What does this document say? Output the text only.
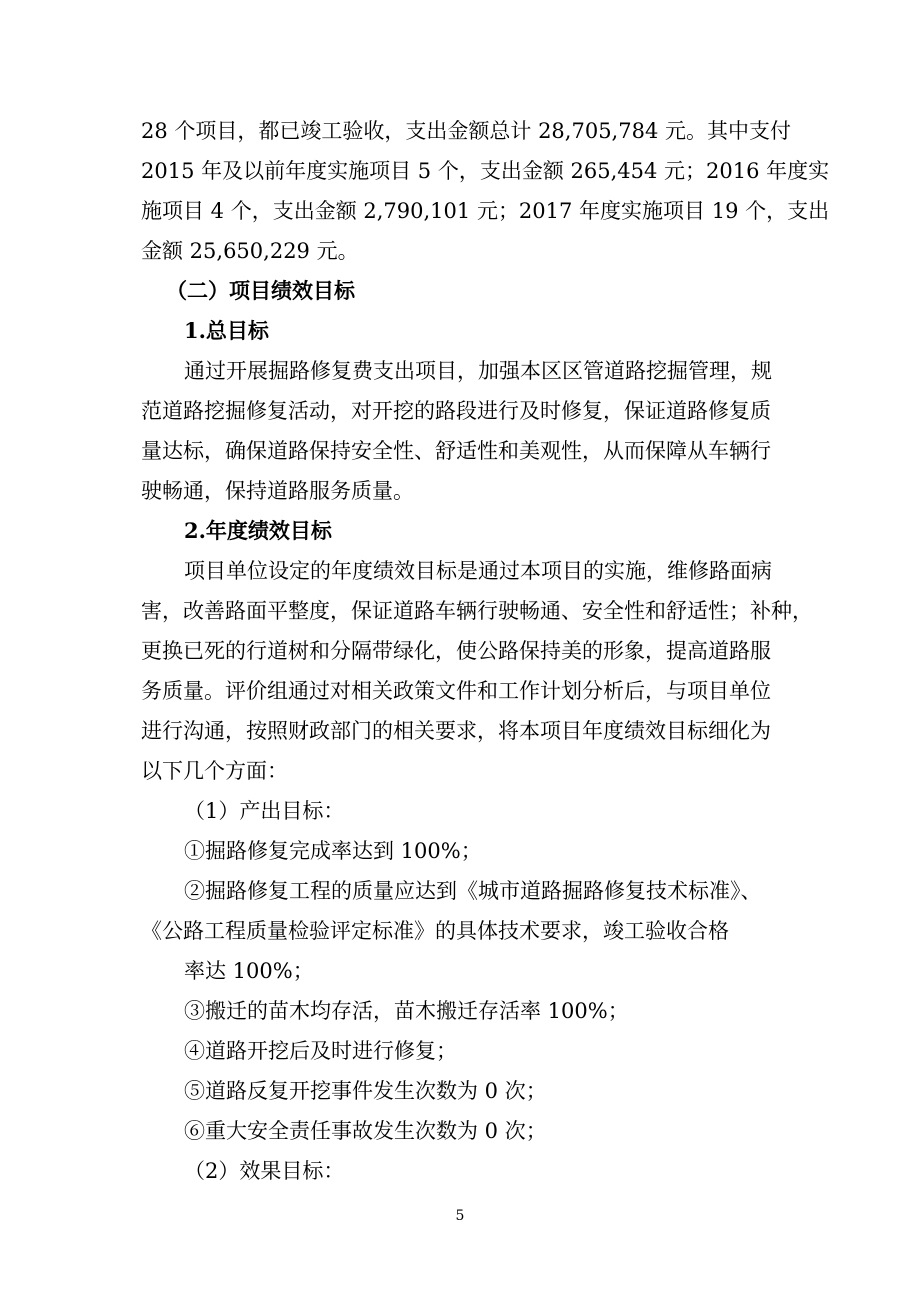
28 个项目，都已竣工验收，支出金额总计 28,705,784 元。其中支付
2015 年及以前年度实施项目 5 个，支出金额 265,454 元；2016 年度实
施项目 4 个，支出金额 2,790,101 元；2017 年度实施项目 19 个，支出
金额 25,650,229 元。
（二）项目绩效目标
1.总目标
通过开展掘路修复费支出项目，加强本区区管道路挖掘管理，规
范道路挖掘修复活动，对开挖的路段进行及时修复，保证道路修复质
量达标，确保道路保持安全性、舒适性和美观性，从而保障从车辆行
驶畅通，保持道路服务质量。
2.年度绩效目标
项目单位设定的年度绩效目标是通过本项目的实施，维修路面病
害，改善路面平整度，保证道路车辆行驶畅通、安全性和舒适性；补种，
更换已死的行道树和分隔带绿化，使公路保持美的形象，提高道路服
务质量。评价组通过对相关政策文件和工作计划分析后，与项目单位
进行沟通，按照财政部门的相关要求，将本项目年度绩效目标细化为
以下几个方面：
（1）产出目标：
①掘路修复完成率达到 100%；
②掘路修复工程的质量应达到《城市道路掘路修复技术标准》、
《公路工程质量检验评定标准》的具体技术要求，竣工验收合格
率达 100%；
③搬迁的苗木均存活，苗木搬迁存活率 100%；
④道路开挖后及时进行修复；
⑤道路反复开挖事件发生次数为 0 次；
⑥重大安全责任事故发生次数为 0 次；
（2）效果目标：
5
